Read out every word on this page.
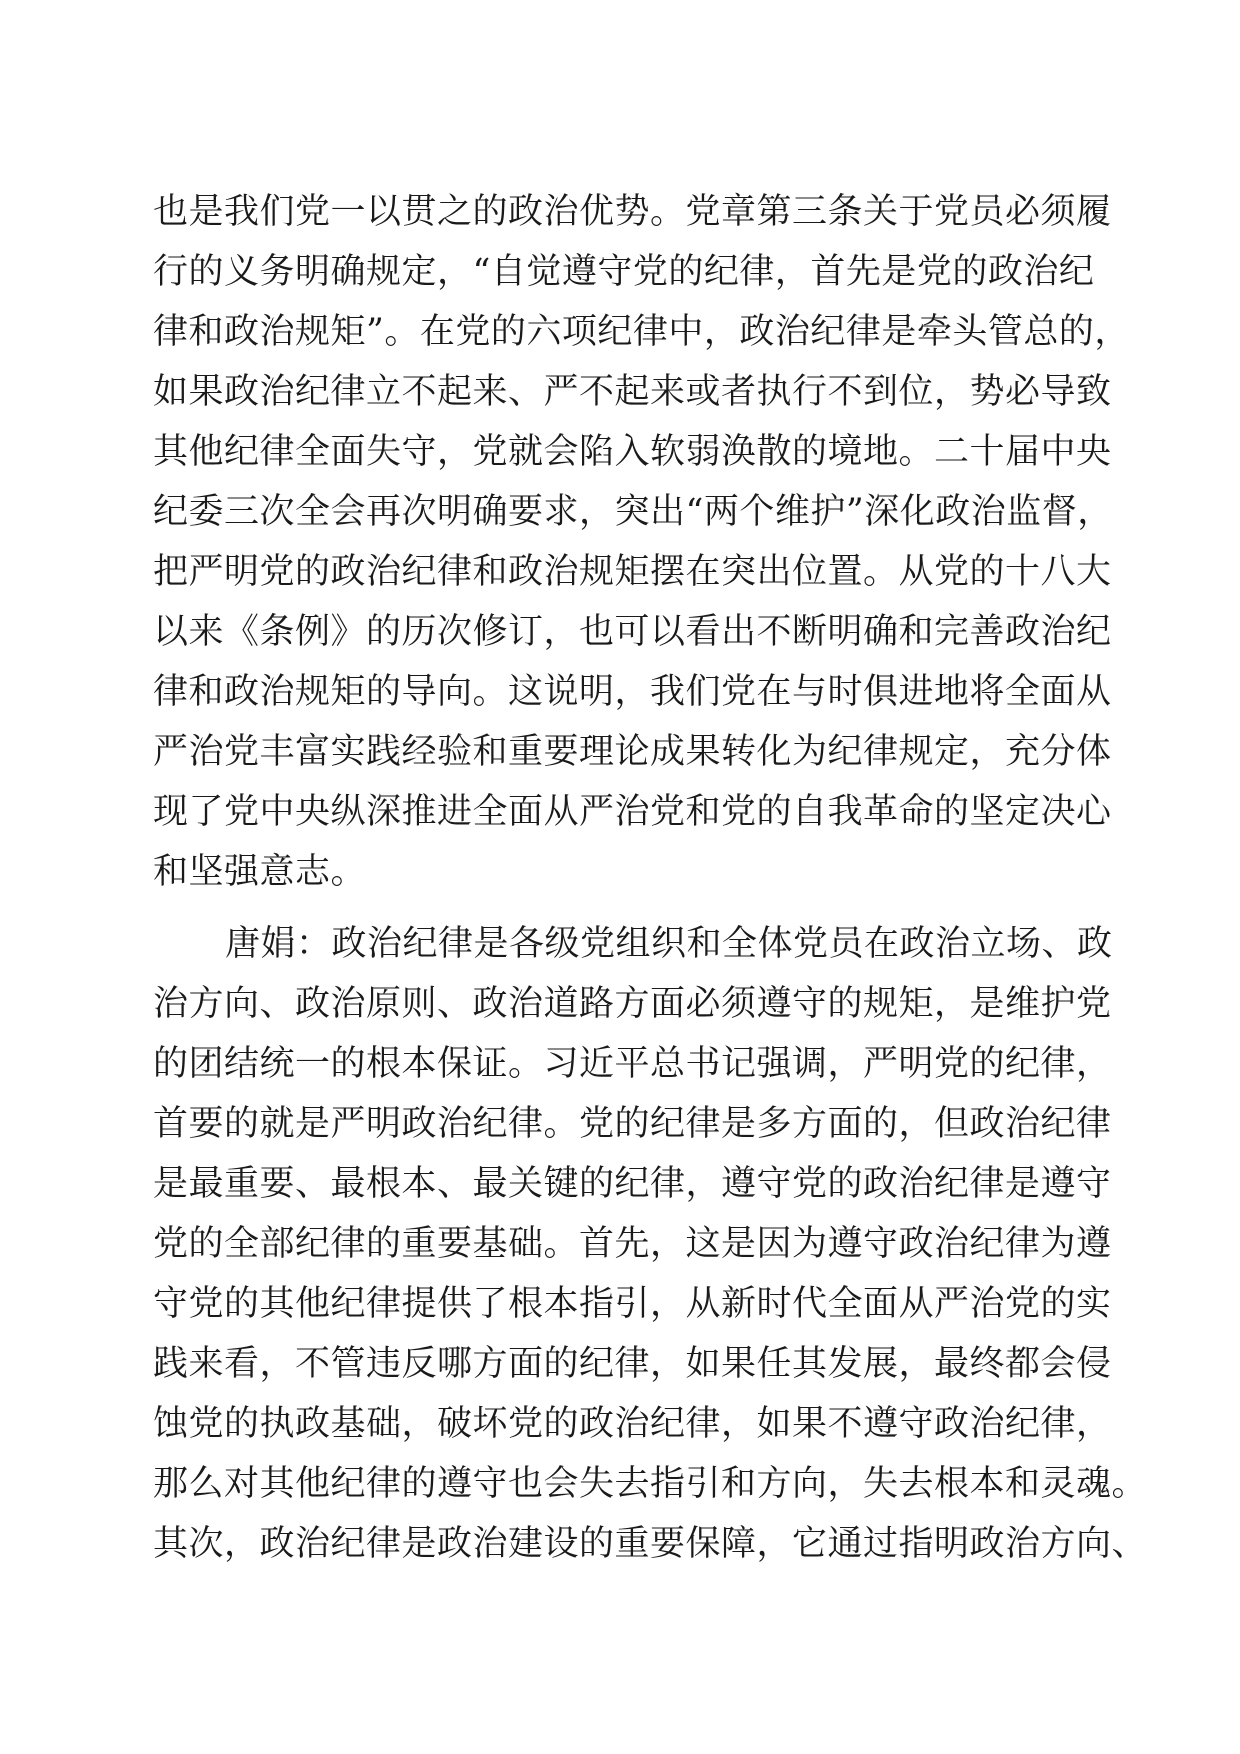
也是我们党一以贯之的政治优势。党章第三条关于党员必须履
行的义务明确规定，“自觉遵守党的纪律，首先是党的政治纪
律和政治规矩”。在党的六项纪律中，政治纪律是牵头管总的，
如果政治纪律立不起来、严不起来或者执行不到位，势必导致
其他纪律全面失守，党就会陷入软弱涣散的境地。二十届中央
纪委三次全会再次明确要求，突出“两个维护”深化政治监督，
把严明党的政治纪律和政治规矩摆在突出位置。从党的十八大
以来《条例》的历次修订，也可以看出不断明确和完善政治纪
律和政治规矩的导向。这说明，我们党在与时俱进地将全面从
严治党丰富实践经验和重要理论成果转化为纪律规定，充分体
现了党中央纵深推进全面从严治党和党的自我革命的坚定决心
和坚强意志。
唐娟：政治纪律是各级党组织和全体党员在政治立场、政
治方向、政治原则、政治道路方面必须遵守的规矩，是维护党
的团结统一的根本保证。习近平总书记强调，严明党的纪律，
首要的就是严明政治纪律。党的纪律是多方面的，但政治纪律
是最重要、最根本、最关键的纪律，遵守党的政治纪律是遵守
党的全部纪律的重要基础。首先，这是因为遵守政治纪律为遵
守党的其他纪律提供了根本指引，从新时代全面从严治党的实
践来看，不管违反哪方面的纪律，如果任其发展，最终都会侵
蚀党的执政基础，破坏党的政治纪律，如果不遵守政治纪律，
那么对其他纪律的遵守也会失去指引和方向，失去根本和灵魂。
其次，政治纪律是政治建设的重要保障，它通过指明政治方向、
